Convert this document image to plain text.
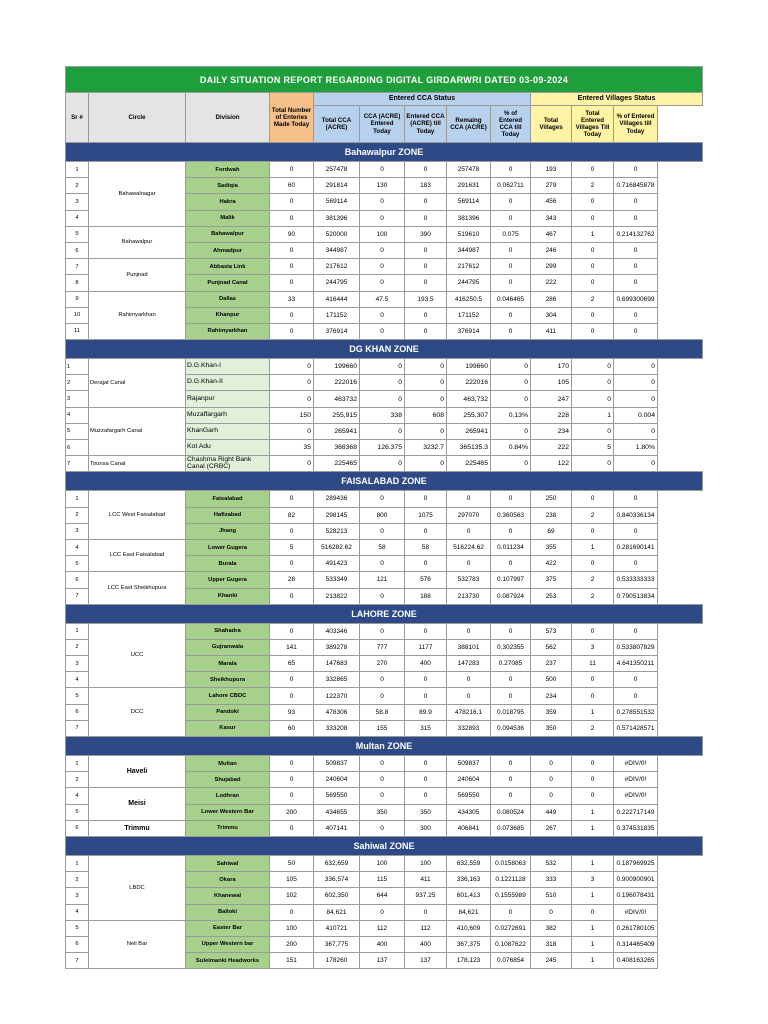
DAILY SITUATION REPORT REGARDING DIGITAL GIRDARWRI DATED 03-09-2024											
Sr #	Circle	Division	Total Number of Enteries Made Today	Entered CCA Status					Entered Villages Status		
				Total CCA (ACRE)	CCA (ACRE) Entered Today	Entered CCA (ACRE) till Today	Remaing CCA (ACRE)	% of Entered CCA till Today	Total Villages	Total Entered Villages Till Today	% of Entered Villages till Today
Bahawalpur ZONE											
1	Bahawalnagar	Fordwah	0	257478	0	0	257478	0	193	0	0
2		Sadiqia	60	291814	130	183	291631	0.062711	279	2	0.716845878
3		Hakra	0	569114	0	0	569114	0	456	0	0
4		Malik	0	381396	0	0	381396	0	343	0	0
5	Bahawalpur	Bahawalpur	90	520000	100	390	519610	0.075	467	1	0.214132762
6		Ahmadpur	0	344987	0	0	344987	0	246	0	0
7	Punjnad	Abbasia Link	0	217612	0	0	217612	0	299	0	0
8		Punjnad Canal	0	244795	0	0	244795	0	222	0	0
9	Rahimyarkhan	Dallas	33	416444	47.5	193.5	416250.5	0.046465	286	2	0.699300699
10		Khanpur	0	171152	0	0	171152	0	304	0	0
11		Rahimyarkhan	0	376914	0	0	376914	0	411	0	0
DG KHAN ZONE											
1	Derajat Canal	D.G.Khan-I	0	199660	0	0	199660	0	170	0	0
2		D.G.Khan-II	0	222016	0	0	222016	0	105	0	0
3		Rajanpur	0	463732	0	0	463,732	0	247	0	0
4	Muzzafargarh Canal	Muzaffargarh	150	255,915	338	608	255,307	0.13%	228	1	0.004
5		KhanGarh	0	265941	0	0	265941	0	234	0	0
6		Kot Adu	35	368368	126.375	3232.7	365135.3	0.84%	222	5	1.80%
7	Tounsa Canal	Chashma Right Bank Canal (CRBC)	0	225465	0	0	225465	0	122	0	0
FAISALABAD ZONE											
1	LCC West Faisalabad	Faisalabad	0	289436	0	0	0	0	250	0	0
2		Hafizabad	82	298145	800	1075	297070	0.360563	238	2	0.840336134
3		Jhang	0	528213	0	0	0	0	69	0	0
4	LCC East Faisalabad	Lower Gugera	5	516282.62	58	58	516224.62	0.011234	355	1	0.281690141
5		Burala	0	491423	0	0	0	0	422	0	0
6	LCC East Sheikhupura	Upper Gugera	28	533349	121	576	532783	0.107997	375	2	0.533333333
7		Khanki	0	213822	0	188	213730	0.087924	253	2	0.790513834
LAHORE ZONE											
1	UCC	Shahadra	0	403346	0	0	0	0	573	0	0
2		Gujranwala	141	389278	777	1177	388101	0.302355	562	3	0.533807829
3		Marala	65	147683	270	400	147283	0.27085	237	11	4.641350211
4		Sheikhupura	0	332865	0	0	0	0	500	0	0
5	DCC	Lahore CBDC	0	122370	0	0	0	0	234	0	0
6		Pandoki	93	478306	58.8	89.9	478216.1	0.018795	359	1	0.278551532
7		Kasur	60	333208	155	315	332893	0.094536	350	2	0.571428571
Multan ZONE											
1	Haveli	Multan	0	509837	0	0	509837	0	0	0	#DIV/0!
2		Shujabad	0	240604	0	0	240604	0	0	0	#DIV/0!
4	Meisi	Lodhran	0	569550	0	0	569550	0	0	0	#DIV/0!
5		Lower Western Bar	200	434655	350	350	434305	0.080524	449	1	0.222717149
6	Trimmu	Trimmu	0	407141	0	300	406841	0.073685	267	1	0.374531835
Sahiwal ZONE											
1	LBDC	Sahiwal	50	632,659	100	100	632,559	0.0158063	532	1	0.187969925
2		Okara	105	336,574	115	411	336,163	0.1221128	333	3	0.900900901
3		Khanewal	102	602,350	644	937.25	601,413	0.1555989	510	1	0.196078431
4		Balloki	0	84,621	0	0	84,621	0	0	0	#DIV/0!
5	Neli Bar	Easter Bar	100	410721	112	112	410,609	0.0272691	382	1	0.261780105
6		Upper Western bar	200	367,775	400	400	367,375	0.1087622	318	1	0.314465409
7		Suleimanki Headworks	151	178260	137	137	178,123	0.076854	245	1	0.408163265
